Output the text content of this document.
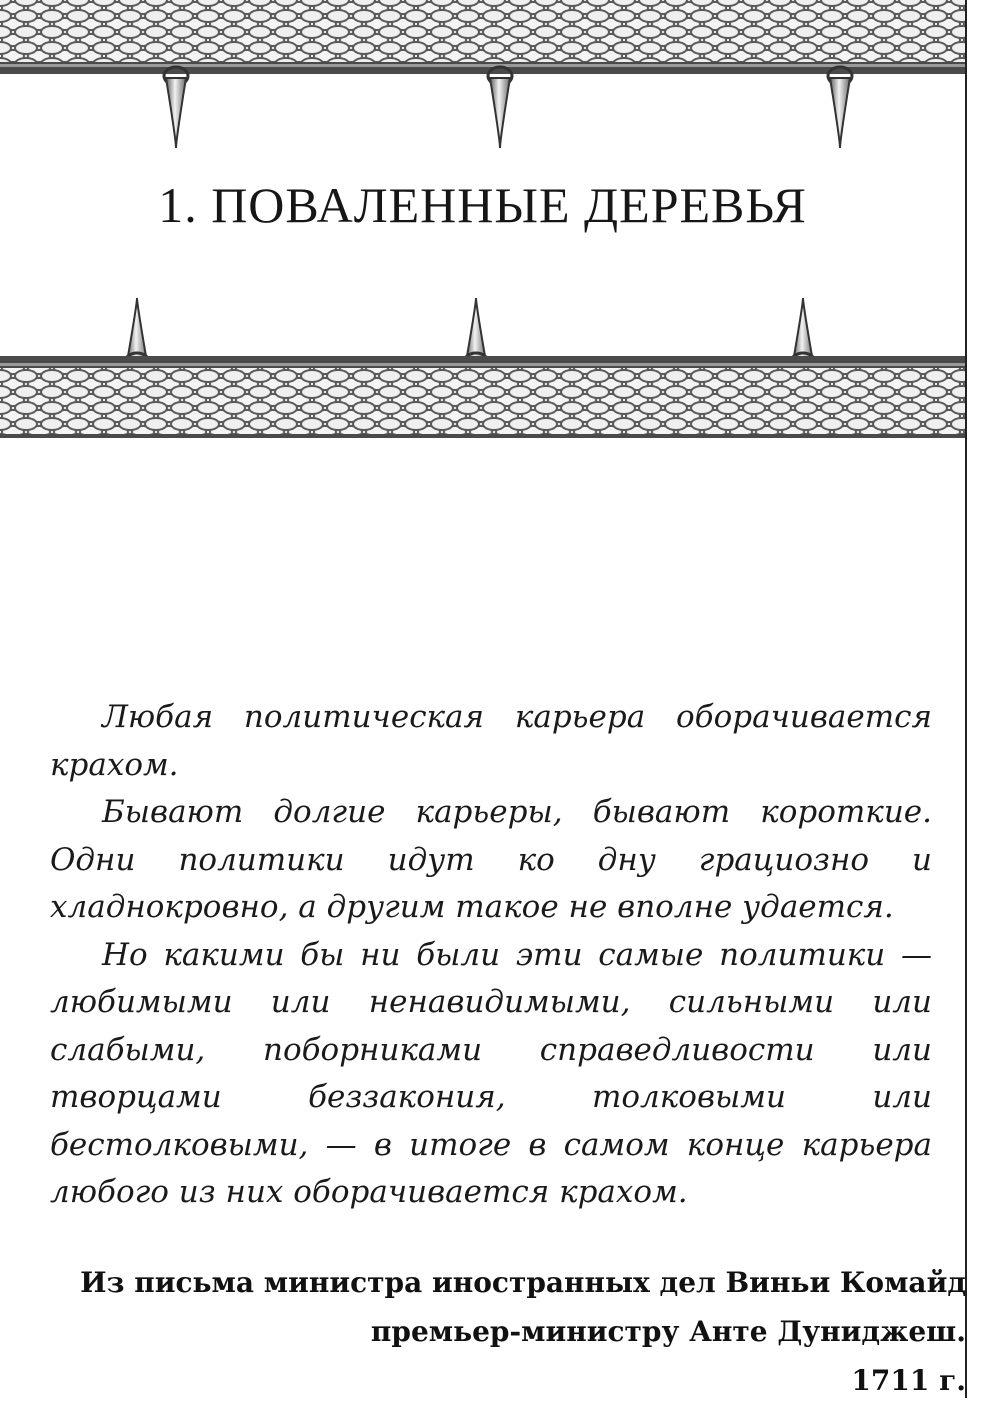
1. ПОВАЛЕННЫЕ ДЕРЕВЬЯ

Любая политическая карьера оборачивается крахом.

Бывают долгие карьеры, бывают короткие. Одни политики идут ко дну грациозно и хладнокровно, а другим такое не вполне удается.

Но какими бы ни были эти самые политики — любимыми или ненавидимыми, сильными или слабыми, поборниками справедливости или творцами беззакония, толковыми или бестолковыми, — в итоге в самом конце карьера любого из них оборачивается крахом.

Из письма министра иностранных дел Виньи Комайд
премьер-министру Анте Дуниджеш.
1711 г.
